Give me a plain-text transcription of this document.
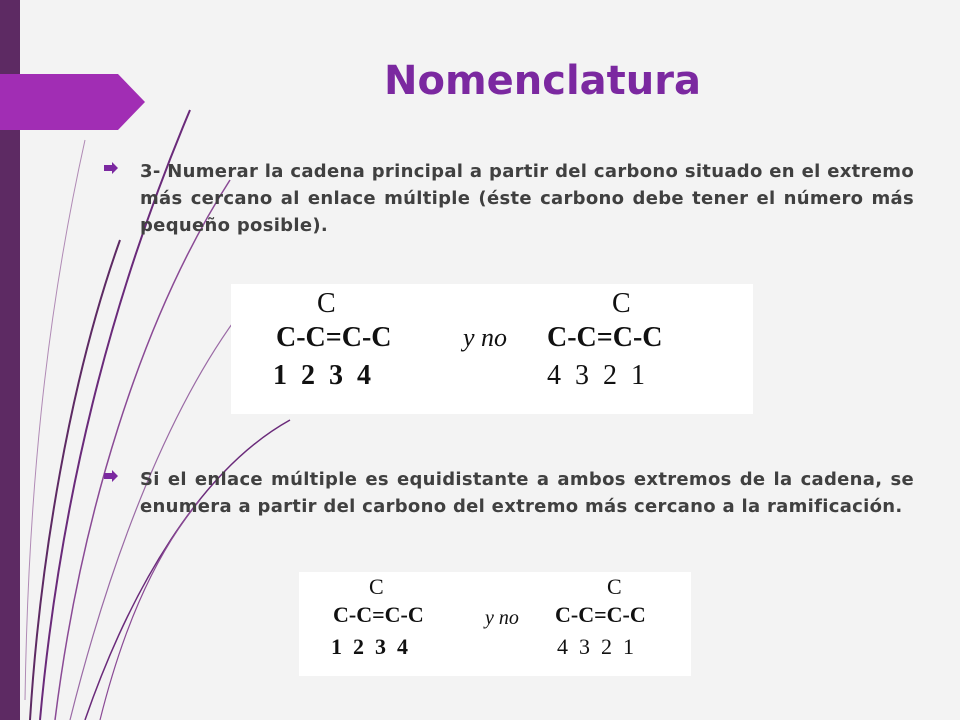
Nomenclatura
3- Numerar la cadena principal a partir del carbono situado en el extremo más cercano al enlace múltiple (éste carbono debe tener el número más pequeño posible).
C
C-C=C-C
1  2  3  4
y no
C
C-C=C-C
4  3  2  1
Si el enlace múltiple es equidistante a ambos extremos de la cadena, se enumera a partir del carbono del extremo más cercano a la ramificación.
C
C-C=C-C
1  2  3  4
y no
C
C-C=C-C
4  3  2  1
